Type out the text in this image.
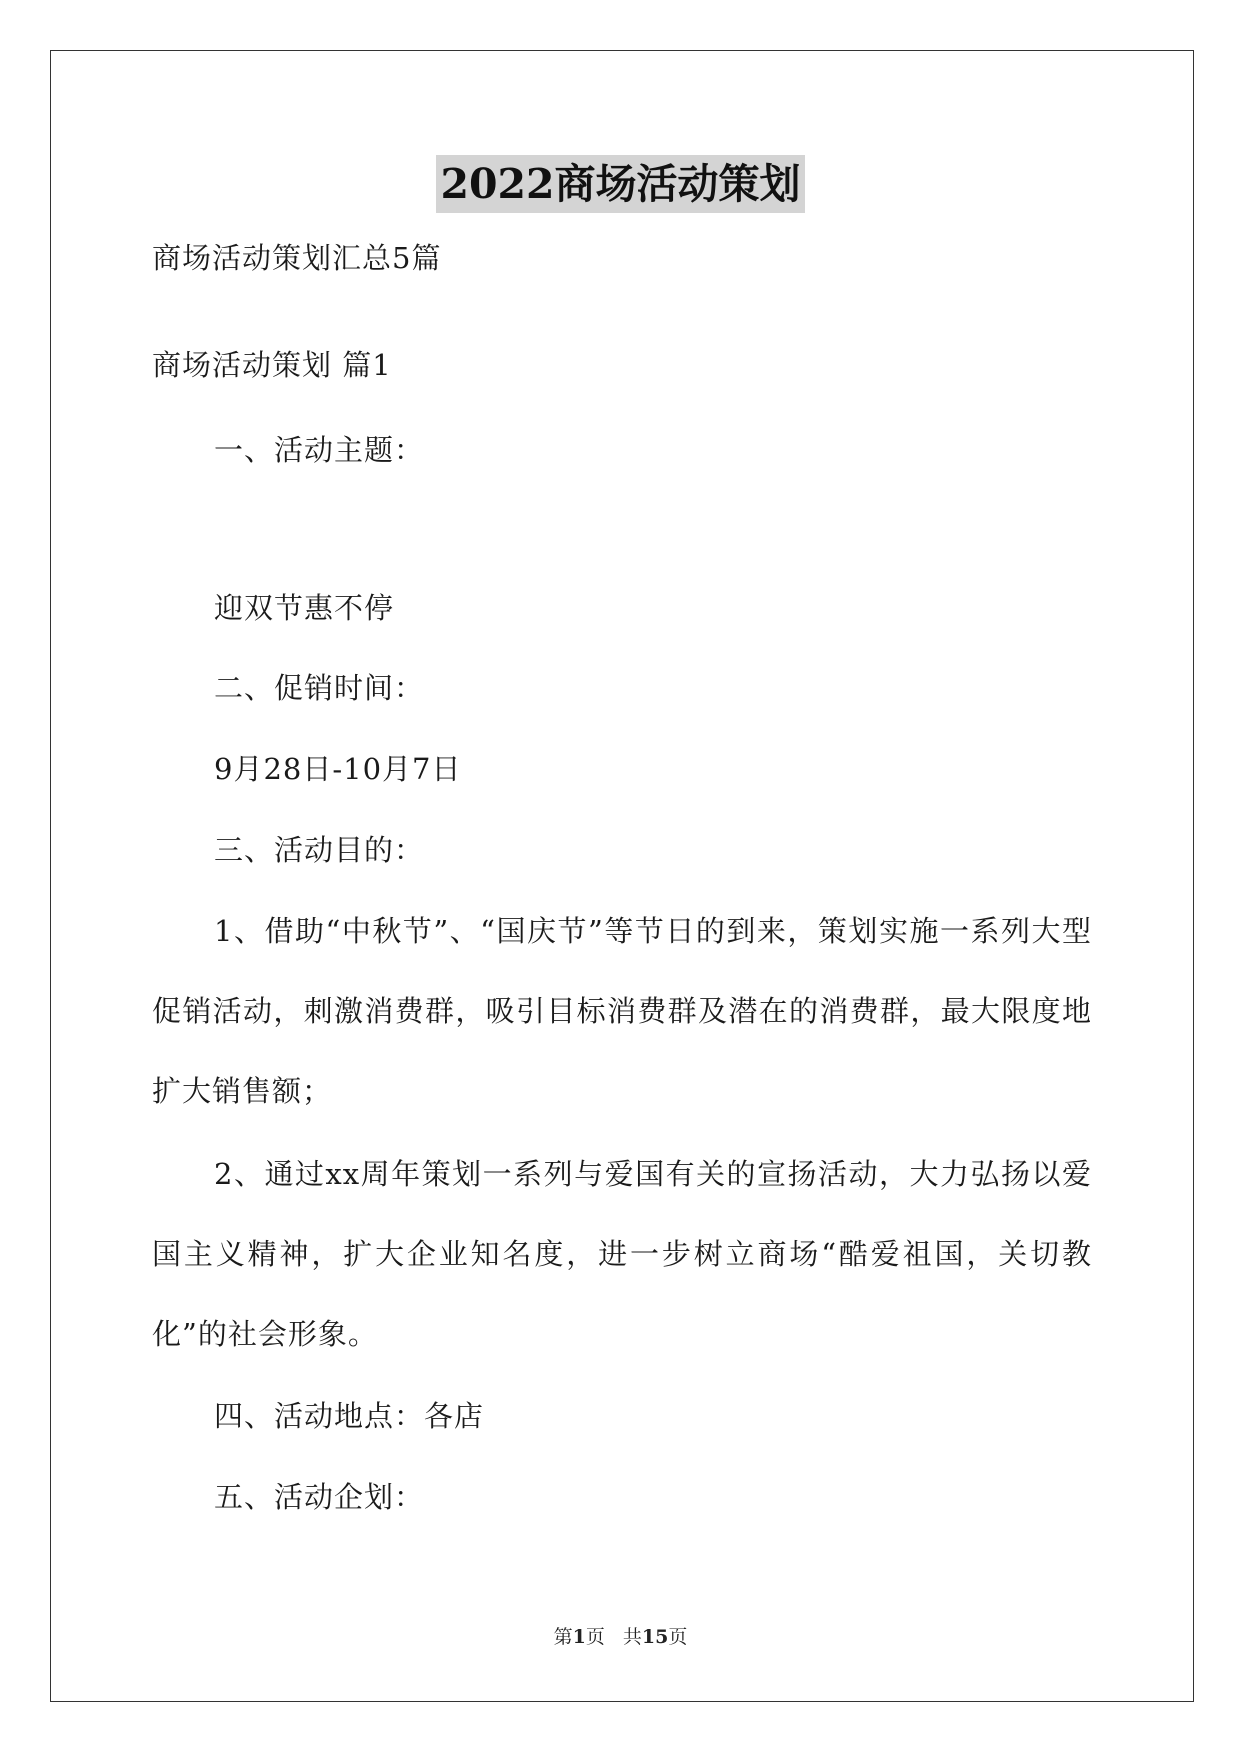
2022商场活动策划
商场活动策划汇总5篇
商场活动策划 篇1
一、活动主题：
迎双节惠不停
二、促销时间：
9月28日-10月7日
三、活动目的：
1、借助“中秋节”、“国庆节”等节日的到来，策划实施一系列大型促销活动，刺激消费群，吸引目标消费群及潜在的消费群，最大限度地扩大销售额；
2、通过xx周年策划一系列与爱国有关的宣扬活动，大力弘扬以爱国主义精神，扩大企业知名度，进一步树立商场“酷爱祖国，关切教化”的社会形象。
四、活动地点：各店
五、活动企划：
第1页 共15页
